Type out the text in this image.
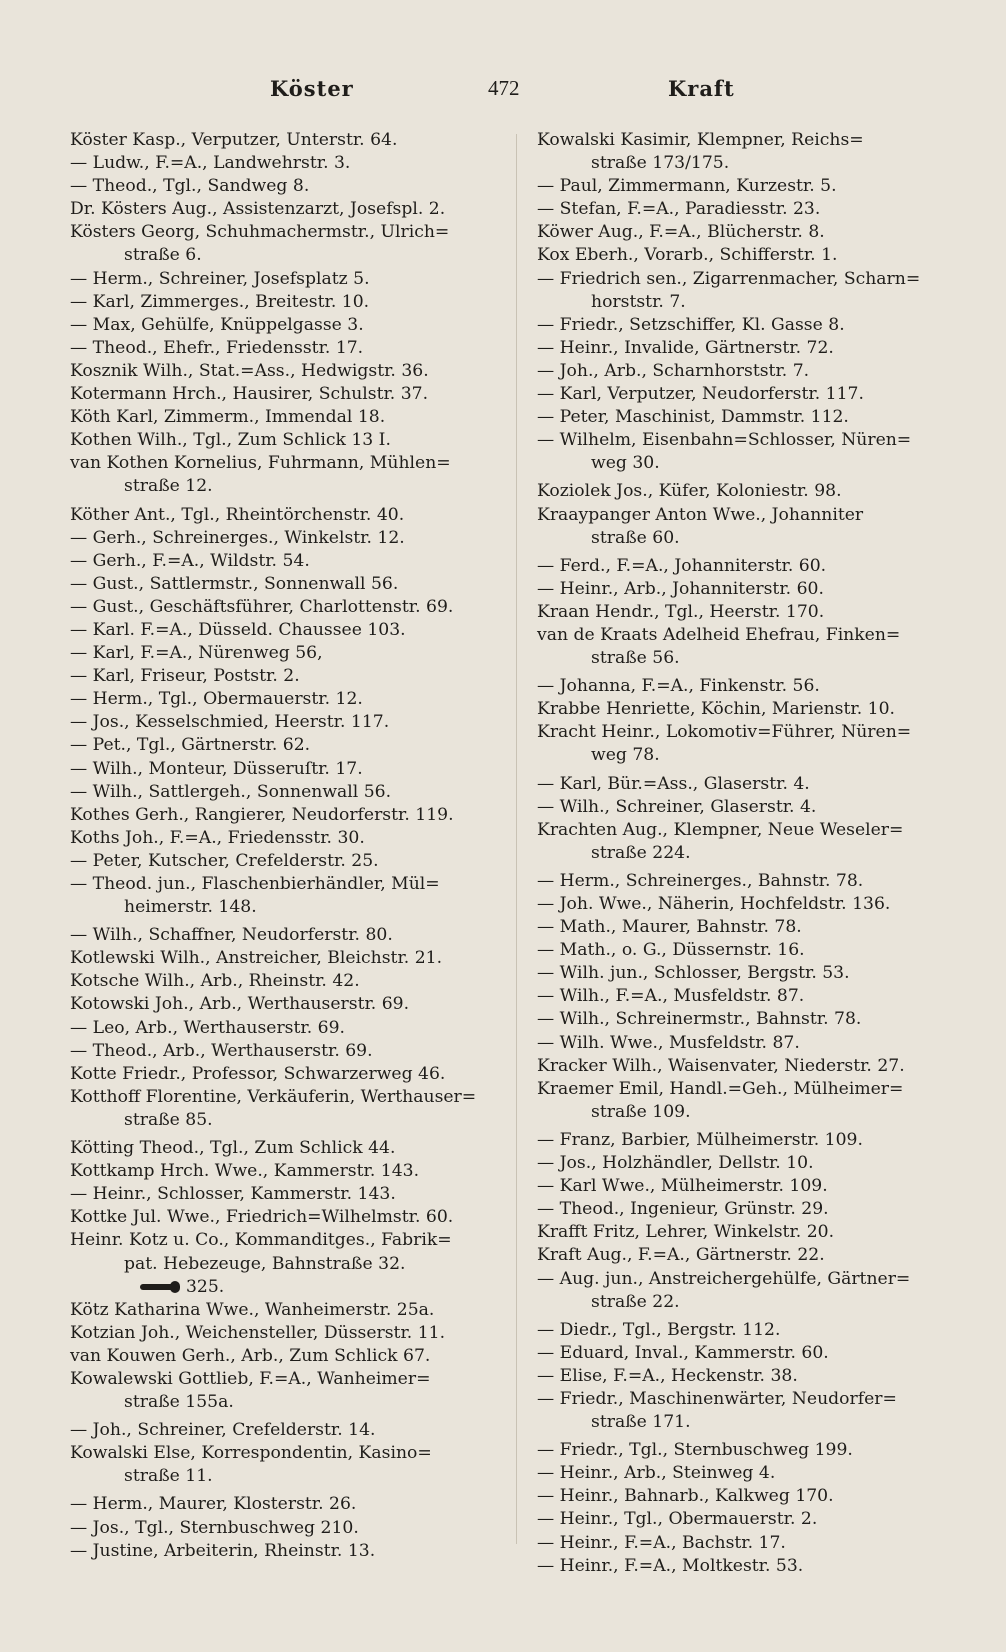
Köster	472	Kraft
Köster Kasp., Verputzer, Unterstr. 64.
— Ludw., F.=A., Landwehrstr. 3.
— Theod., Tgl., Sandweg 8.
Dr. Kösters Aug., Assistenzarzt, Josefspl. 2.
Kösters Georg, Schuhmachermstr., Ulrich=
straße 6.
— Herm., Schreiner, Josefsplatz 5.
— Karl, Zimmerges., Breitestr. 10.
— Max, Gehülfe, Knüppelgasse 3.
— Theod., Ehefr., Friedensstr. 17.
Kosznik Wilh., Stat.=Ass., Hedwigstr. 36.
Kotermann Hrch., Hausirer, Schulstr. 37.
Köth Karl, Zimmerm., Immendal 18.
Kothen Wilh., Tgl., Zum Schlick 13 I.
van Kothen Kornelius, Fuhrmann, Mühlen=
straße 12.
Köther Ant., Tgl., Rheintörchenstr. 40.
— Gerh., Schreinerges., Winkelstr. 12.
— Gerh., F.=A., Wildstr. 54.
— Gust., Sattlermstr., Sonnenwall 56.
— Gust., Geschäftsführer, Charlottenstr. 69.
— Karl. F.=A., Düsseld. Chaussee 103.
— Karl, F.=A., Nürenweg 56,
— Karl, Friseur, Poststr. 2.
— Herm., Tgl., Obermauerstr. 12.
— Jos., Kesselschmied, Heerstr. 117.
— Pet., Tgl., Gärtnerstr. 62.
— Wilh., Monteur, Düsseruſtr. 17.
— Wilh., Sattlergeh., Sonnenwall 56.
Kothes Gerh., Rangierer, Neudorferstr. 119.
Koths Joh., F.=A., Friedensstr. 30.
— Peter, Kutscher, Crefelderstr. 25.
— Theod. jun., Flaschenbierhändler, Mül=
heimerstr. 148.
— Wilh., Schaffner, Neudorferstr. 80.
Kotlewski Wilh., Anstreicher, Bleichstr. 21.
Kotsche Wilh., Arb., Rheinstr. 42.
Kotowski Joh., Arb., Werthauserstr. 69.
— Leo, Arb., Werthauserstr. 69.
— Theod., Arb., Werthauserstr. 69.
Kotte Friedr., Professor, Schwarzerweg 46.
Kotthoff Florentine, Verkäuferin, Werthauser=
straße 85.
Kötting Theod., Tgl., Zum Schlick 44.
Kottkamp Hrch. Wwe., Kammerstr. 143.
— Heinr., Schlosser, Kammerstr. 143.
Kottke Jul. Wwe., Friedrich=Wilhelmstr. 60.
Heinr. Kotz u. Co., Kommanditges., Fabrik=
pat. Hebezeuge, Bahnstraße 32.
325.
Kötz Katharina Wwe., Wanheimerstr. 25a.
Kotzian Joh., Weichensteller, Düsserstr. 11.
van Kouwen Gerh., Arb., Zum Schlick 67.
Kowalewski Gottlieb, F.=A., Wanheimer=
straße 155a.
— Joh., Schreiner, Crefelderstr. 14.
Kowalski Else, Korrespondentin, Kasino=
straße 11.
— Herm., Maurer, Klosterstr. 26.
— Jos., Tgl., Sternbuschweg 210.
— Justine, Arbeiterin, Rheinstr. 13.
Kowalski Kasimir, Klempner, Reichs=
straße 173/175.
— Paul, Zimmermann, Kurzestr. 5.
— Stefan, F.=A., Paradiesstr. 23.
Köwer Aug., F.=A., Blücherstr. 8.
Kox Eberh., Vorarb., Schifferstr. 1.
— Friedrich sen., Zigarrenmacher, Scharn=
horststr. 7.
— Friedr., Setzschiffer, Kl. Gasse 8.
— Heinr., Invalide, Gärtnerstr. 72.
— Joh., Arb., Scharnhorststr. 7.
— Karl, Verputzer, Neudorferstr. 117.
— Peter, Maschinist, Dammstr. 112.
— Wilhelm, Eisenbahn=Schlosser, Nüren=
weg 30.
Koziolek Jos., Küfer, Koloniestr. 98.
Kraaypanger Anton Wwe., Johanniter
straße 60.
— Ferd., F.=A., Johanniterstr. 60.
— Heinr., Arb., Johanniterstr. 60.
Kraan Hendr., Tgl., Heerstr. 170.
van de Kraats Adelheid Ehefrau, Finken=
straße 56.
— Johanna, F.=A., Finkenstr. 56.
Krabbe Henriette, Köchin, Marienstr. 10.
Kracht Heinr., Lokomotiv=Führer, Nüren=
weg 78.
— Karl, Bür.=Ass., Glaserstr. 4.
— Wilh., Schreiner, Glaserstr. 4.
Krachten Aug., Klempner, Neue Weseler=
straße 224.
— Herm., Schreinerges., Bahnstr. 78.
— Joh. Wwe., Näherin, Hochfeldstr. 136.
— Math., Maurer, Bahnstr. 78.
— Math., o. G., Düssernstr. 16.
— Wilh. jun., Schlosser, Bergstr. 53.
— Wilh., F.=A., Musfeldstr. 87.
— Wilh., Schreinermstr., Bahnstr. 78.
— Wilh. Wwe., Musfeldstr. 87.
Kracker Wilh., Waisenvater, Niederstr. 27.
Kraemer Emil, Handl.=Geh., Mülheimer=
straße 109.
— Franz, Barbier, Mülheimerstr. 109.
— Jos., Holzhändler, Dellstr. 10.
— Karl Wwe., Mülheimerstr. 109.
— Theod., Ingenieur, Grünstr. 29.
Krafft Fritz, Lehrer, Winkelstr. 20.
Kraft Aug., F.=A., Gärtnerstr. 22.
— Aug. jun., Anstreichergehülfe, Gärtner=
straße 22.
— Diedr., Tgl., Bergstr. 112.
— Eduard, Inval., Kammerstr. 60.
— Elise, F.=A., Heckenstr. 38.
— Friedr., Maschinenwärter, Neudorfer=
straße 171.
— Friedr., Tgl., Sternbuschweg 199.
— Heinr., Arb., Steinweg 4.
— Heinr., Bahnarb., Kalkweg 170.
— Heinr., Tgl., Obermauerstr. 2.
— Heinr., F.=A., Bachstr. 17.
— Heinr., F.=A., Moltkestr. 53.
